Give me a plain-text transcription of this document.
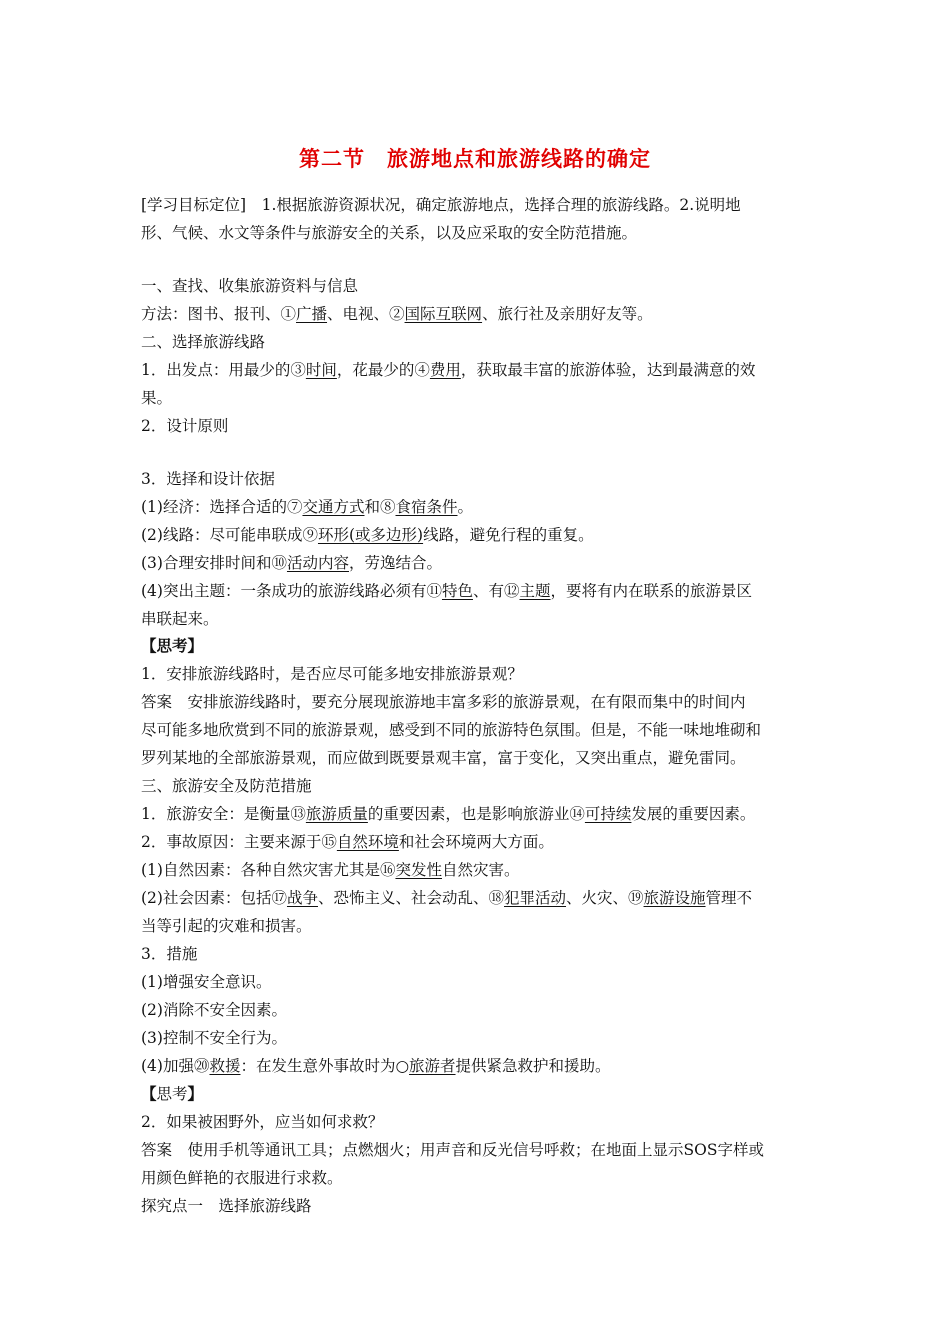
第二节　旅游地点和旅游线路的确定
[学习目标定位]　1.根据旅游资源状况，确定旅游地点，选择合理的旅游线路。2.说明地
形、气候、水文等条件与旅游安全的关系，以及应采取的安全防范措施。
一、查找、收集旅游资料与信息
方法：图书、报刊、①广播、电视、②国际互联网、旅行社及亲朋好友等。
二、选择旅游线路
1．出发点：用最少的③时间，花最少的④费用，获取最丰富的旅游体验，达到最满意的效
果。
2．设计原则
3．选择和设计依据
(1)经济：选择合适的⑦交通方式和⑧食宿条件。
(2)线路：尽可能串联成⑨环形(或多边形)线路，避免行程的重复。
(3)合理安排时间和⑩活动内容，劳逸结合。
(4)突出主题：一条成功的旅游线路必须有⑪特色、有⑫主题，要将有内在联系的旅游景区
串联起来。
【思考】
1．安排旅游线路时，是否应尽可能多地安排旅游景观？
答案　安排旅游线路时，要充分展现旅游地丰富多彩的旅游景观，在有限而集中的时间内
尽可能多地欣赏到不同的旅游景观，感受到不同的旅游特色氛围。但是，不能一味地堆砌和
罗列某地的全部旅游景观，而应做到既要景观丰富，富于变化，又突出重点，避免雷同。
三、旅游安全及防范措施
1．旅游安全：是衡量⑬旅游质量的重要因素，也是影响旅游业⑭可持续发展的重要因素。
2．事故原因：主要来源于⑮自然环境和社会环境两大方面。
(1)自然因素：各种自然灾害尤其是⑯突发性自然灾害。
(2)社会因素：包括⑰战争、恐怖主义、社会动乱、⑱犯罪活动、火灾、⑲旅游设施管理不
当等引起的灾难和损害。
3．措施
(1)增强安全意识。
(2)消除不安全因素。
(3)控制不安全行为。
(4)加强⑳救援：在发生意外事故时为○旅游者提供紧急救护和援助。
【思考】
2．如果被困野外，应当如何求救？
答案　使用手机等通讯工具；点燃烟火；用声音和反光信号呼救；在地面上显示SOS字样或
用颜色鲜艳的衣服进行求救。
探究点一　选择旅游线路
